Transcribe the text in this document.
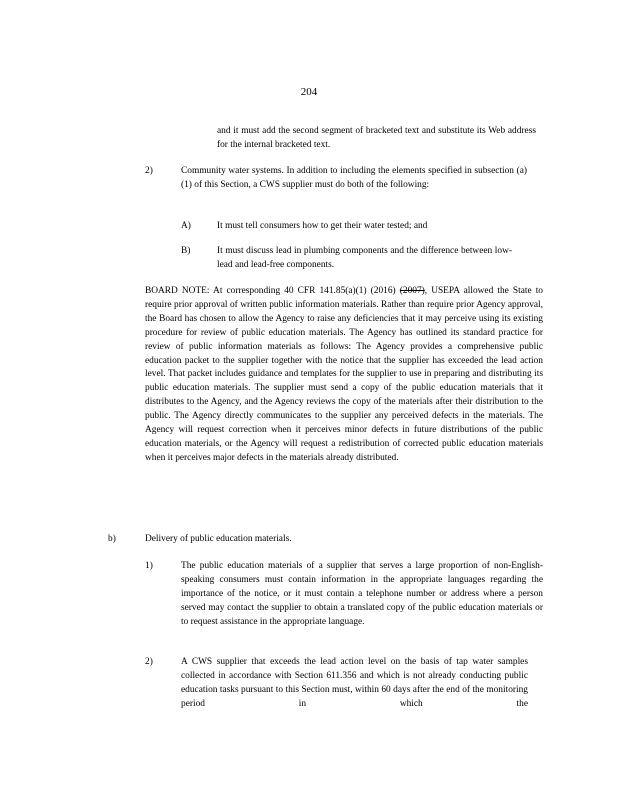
204
and it must add the second segment of bracketed text and substitute its Web address for the internal bracketed text.
2)	Community water systems. In addition to including the elements specified in subsection (a)(1) of this Section, a CWS supplier must do both of the following:
A)	It must tell consumers how to get their water tested; and
B)	It must discuss lead in plumbing components and the difference between low-lead and lead-free components.
BOARD NOTE: At corresponding 40 CFR 141.85(a)(1) (2016) (2007), USEPA allowed the State to require prior approval of written public information materials. Rather than require prior Agency approval, the Board has chosen to allow the Agency to raise any deficiencies that it may perceive using its existing procedure for review of public education materials. The Agency has outlined its standard practice for review of public information materials as follows: The Agency provides a comprehensive public education packet to the supplier together with the notice that the supplier has exceeded the lead action level. That packet includes guidance and templates for the supplier to use in preparing and distributing its public education materials. The supplier must send a copy of the public education materials that it distributes to the Agency, and the Agency reviews the copy of the materials after their distribution to the public. The Agency directly communicates to the supplier any perceived defects in the materials. The Agency will request correction when it perceives minor defects in future distributions of the public education materials, or the Agency will request a redistribution of corrected public education materials when it perceives major defects in the materials already distributed.
b)	Delivery of public education materials.
1)	The public education materials of a supplier that serves a large proportion of non-English-speaking consumers must contain information in the appropriate languages regarding the importance of the notice, or it must contain a telephone number or address where a person served may contact the supplier to obtain a translated copy of the public education materials or to request assistance in the appropriate language.
2)	A CWS supplier that exceeds the lead action level on the basis of tap water samples collected in accordance with Section 611.356 and which is not already conducting public education tasks pursuant to this Section must, within 60 days after the end of the monitoring period in which the
